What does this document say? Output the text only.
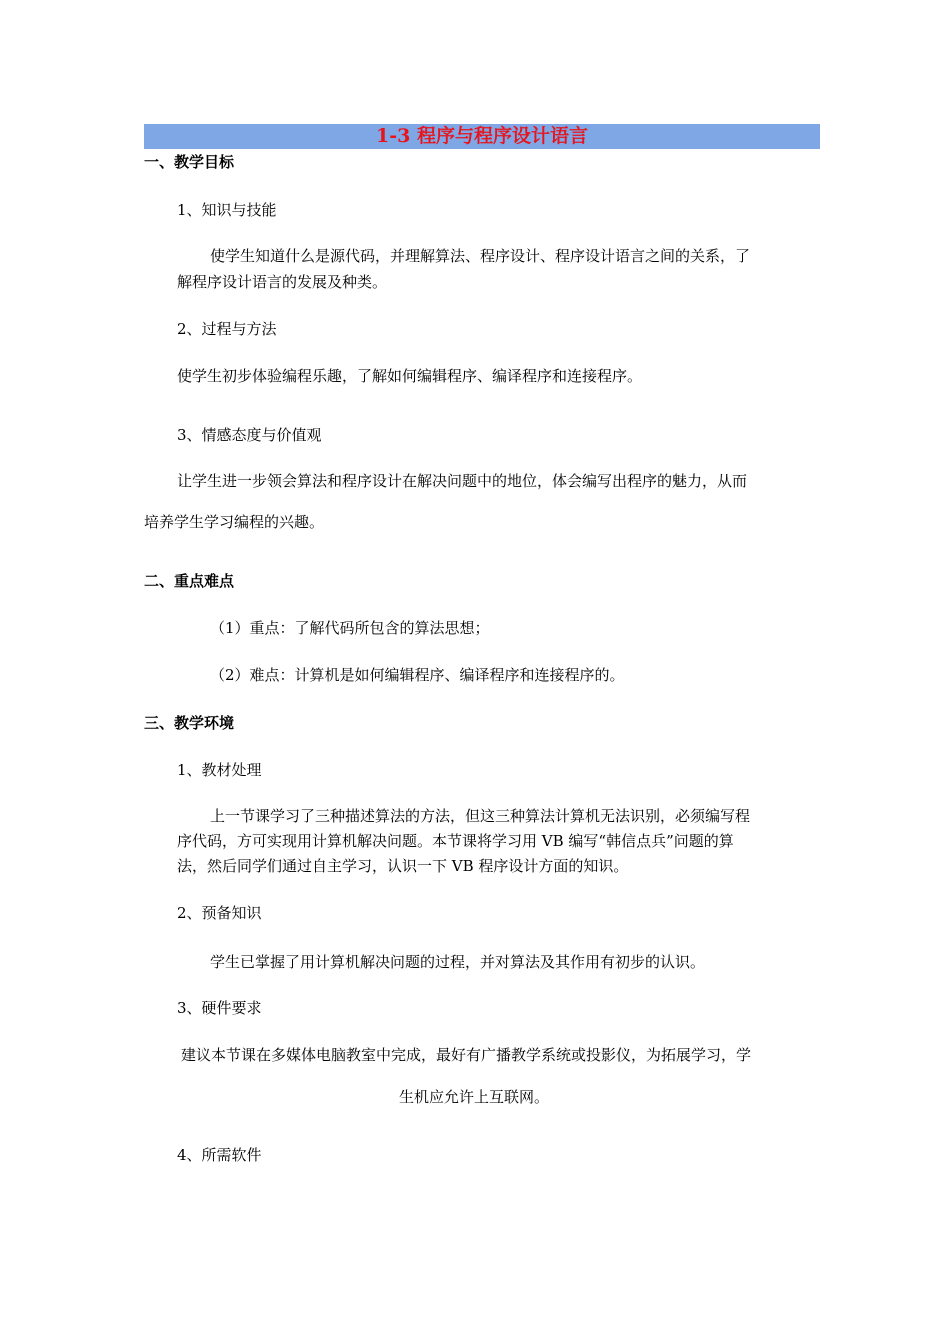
1-3 程序与程序设计语言
一、教学目标
1、知识与技能
使学生知道什么是源代码，并理解算法、程序设计、程序设计语言之间的关系，了
解程序设计语言的发展及种类。
2、过程与方法
使学生初步体验编程乐趣，了解如何编辑程序、编译程序和连接程序。
3、情感态度与价值观
让学生进一步领会算法和程序设计在解决问题中的地位，体会编写出程序的魅力，从而
培养学生学习编程的兴趣。
二、重点难点
（1）重点：了解代码所包含的算法思想；
（2）难点：计算机是如何编辑程序、编译程序和连接程序的。
三、教学环境
1、教材处理
上一节课学习了三种描述算法的方法，但这三种算法计算机无法识别，必须编写程
序代码，方可实现用计算机解决问题。本节课将学习用 VB 编写“韩信点兵”问题的算
法，然后同学们通过自主学习，认识一下 VB 程序设计方面的知识。
2、预备知识
学生已掌握了用计算机解决问题的过程，并对算法及其作用有初步的认识。
3、硬件要求
建议本节课在多媒体电脑教室中完成，最好有广播教学系统或投影仪，为拓展学习，学
生机应允许上互联网。
4、所需软件
